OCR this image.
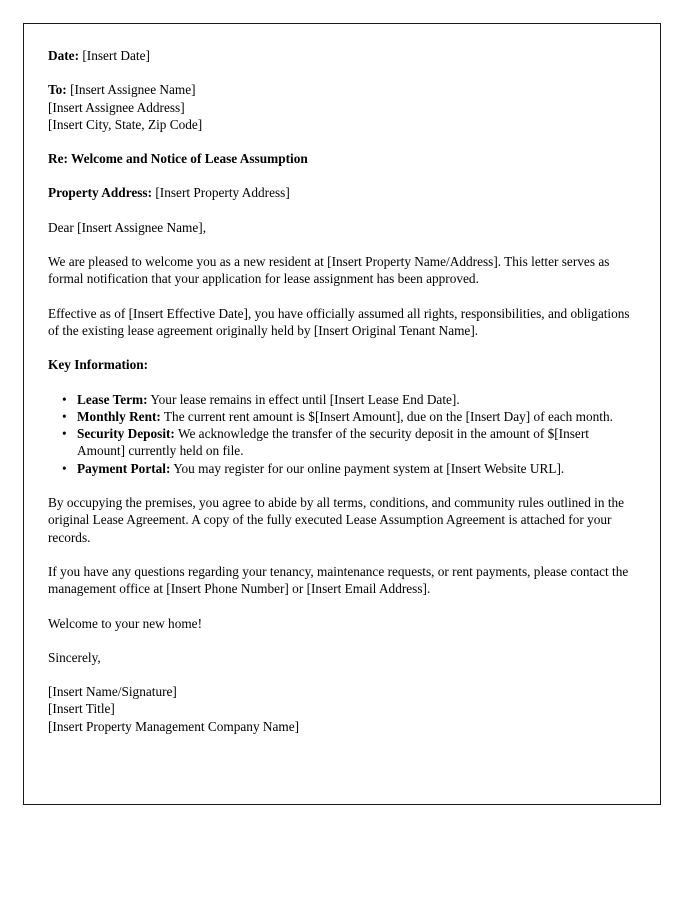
Date: [Insert Date]

To: [Insert Assignee Name]
[Insert Assignee Address]
[Insert City, State, Zip Code]

Re: Welcome and Notice of Lease Assumption

Property Address: [Insert Property Address]

Dear [Insert Assignee Name],

We are pleased to welcome you as a new resident at [Insert Property Name/Address]. This letter serves as formal notification that your application for lease assignment has been approved.

Effective as of [Insert Effective Date], you have officially assumed all rights, responsibilities, and obligations of the existing lease agreement originally held by [Insert Original Tenant Name].

Key Information:

• Lease Term: Your lease remains in effect until [Insert Lease End Date].
• Monthly Rent: The current rent amount is $[Insert Amount], due on the [Insert Day] of each month.
• Security Deposit: We acknowledge the transfer of the security deposit in the amount of $[Insert Amount] currently held on file.
• Payment Portal: You may register for our online payment system at [Insert Website URL].

By occupying the premises, you agree to abide by all terms, conditions, and community rules outlined in the original Lease Agreement. A copy of the fully executed Lease Assumption Agreement is attached for your records.

If you have any questions regarding your tenancy, maintenance requests, or rent payments, please contact the management office at [Insert Phone Number] or [Insert Email Address].

Welcome to your new home!

Sincerely,

[Insert Name/Signature]
[Insert Title]
[Insert Property Management Company Name]
